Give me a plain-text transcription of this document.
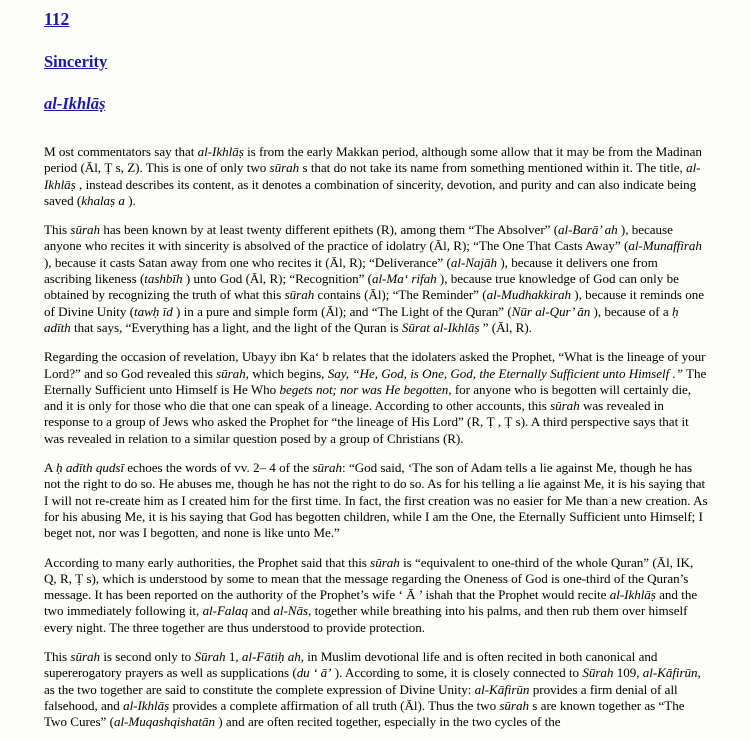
112
Sincerity
al-Ikhlāṣ

M ost commentators say that al-Ikhlāṣ is from the early Makkan period, although some allow that it may be from the Madinan period (Āl, Ṭ s, Z). This is one of only two sūrah s that do not take its name from something mentioned within it. The title, al-Ikhlāṣ , instead describes its content, as it denotes a combination of sincerity, devotion, and purity and can also indicate being saved (khalaṣ a ).

This sūrah has been known by at least twenty different epithets (R), among them “The Absolver” (al-Barā’ ah ), because anyone who recites it with sincerity is absolved of the practice of idolatry (Āl, R); “The One That Casts Away” (al-Munaffirah ), because it casts Satan away from one who recites it (Āl, R); “Deliverance” (al-Najāh ), because it delivers one from ascribing likeness (tashbīh ) unto God (Āl, R); “Recognition” (al-Ma‘ rifah ), because true knowledge of God can only be obtained by recognizing the truth of what this sūrah contains (Āl); “The Reminder” (al-Mudhakkirah ), because it reminds one of Divine Unity (tawḥ īd ) in a pure and simple form (Āl); and “The Light of the Quran” (Nūr al-Qur’ ān ), because of a ḥ adīth that says, “Everything has a light, and the light of the Quran is Sūrat al-Ikhlāṣ ” (Āl, R).

Regarding the occasion of revelation, Ubayy ibn Ka‘ b relates that the idolaters asked the Prophet, “What is the lineage of your Lord?” and so God revealed this sūrah, which begins, Say, “He, God, is One, God, the Eternally Sufficient unto Himself .” The Eternally Sufficient unto Himself is He Who begets not; nor was He begotten, for anyone who is begotten will certainly die, and it is only for those who die that one can speak of a lineage. According to other accounts, this sūrah was revealed in response to a group of Jews who asked the Prophet for “the lineage of His Lord” (R, Ṭ , Ṭ s). A third perspective says that it was revealed in relation to a similar question posed by a group of Christians (R).

A ḥ adīth qudsī echoes the words of vv. 2– 4 of the sūrah: “God said, ‘The son of Adam tells a lie against Me, though he has not the right to do so. He abuses me, though he has not the right to do so. As for his telling a lie against Me, it is his saying that I will not re-create him as I created him for the first time. In fact, the first creation was no easier for Me than a new creation. As for his abusing Me, it is his saying that God has begotten children, while I am the One, the Eternally Sufficient unto Himself; I beget not, nor was I begotten, and none is like unto Me.”

According to many early authorities, the Prophet said that this sūrah is “equivalent to one-third of the whole Quran” (Āl, IK, Q, R, Ṭ s), which is understood by some to mean that the message regarding the Oneness of God is one-third of the Quran’s message. It has been reported on the authority of the Prophet’s wife ‘ Ā ’ ishah that the Prophet would recite al-Ikhlāṣ and the two immediately following it, al-Falaq and al-Nās, together while breathing into his palms, and then rub them over himself every night. The three together are thus understood to provide protection.

This sūrah is second only to Sūrah 1, al-Fātiḥ ah, in Muslim devotional life and is often recited in both canonical and supererogatory prayers as well as supplications (du ‘ ā’ ). According to some, it is closely connected to Sūrah 109, al-Kāfirūn, as the two together are said to constitute the complete expression of Divine Unity: al-Kāfirūn provides a firm denial of all falsehood, and al-Ikhlāṣ provides a complete affirmation of all truth (Āl). Thus the two sūrah s are known together as “The Two Cures” (al-Muqashqishatān ) and are often recited together, especially in the two cycles of the
